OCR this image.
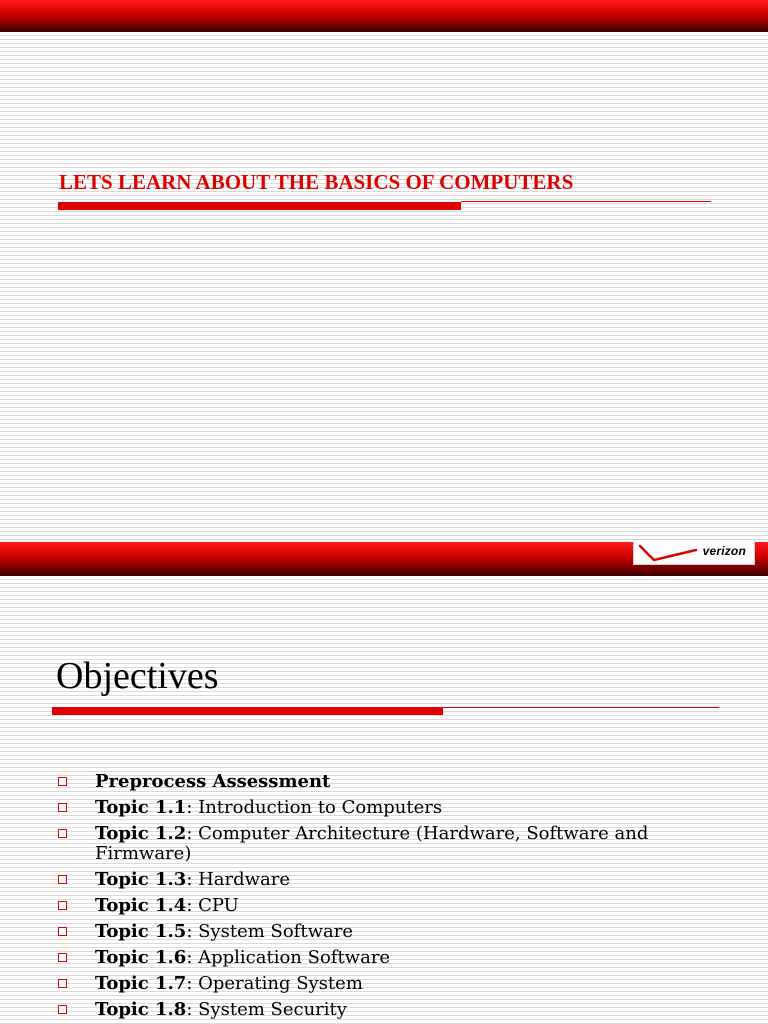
LETS LEARN ABOUT THE BASICS OF COMPUTERS
verizon
Objectives
Preprocess Assessment
Topic 1.1: Introduction to Computers
Topic 1.2: Computer Architecture (Hardware, Software and Firmware)
Topic 1.3: Hardware
Topic 1.4: CPU
Topic 1.5: System Software
Topic 1.6: Application Software
Topic 1.7: Operating System
Topic 1.8: System Security
